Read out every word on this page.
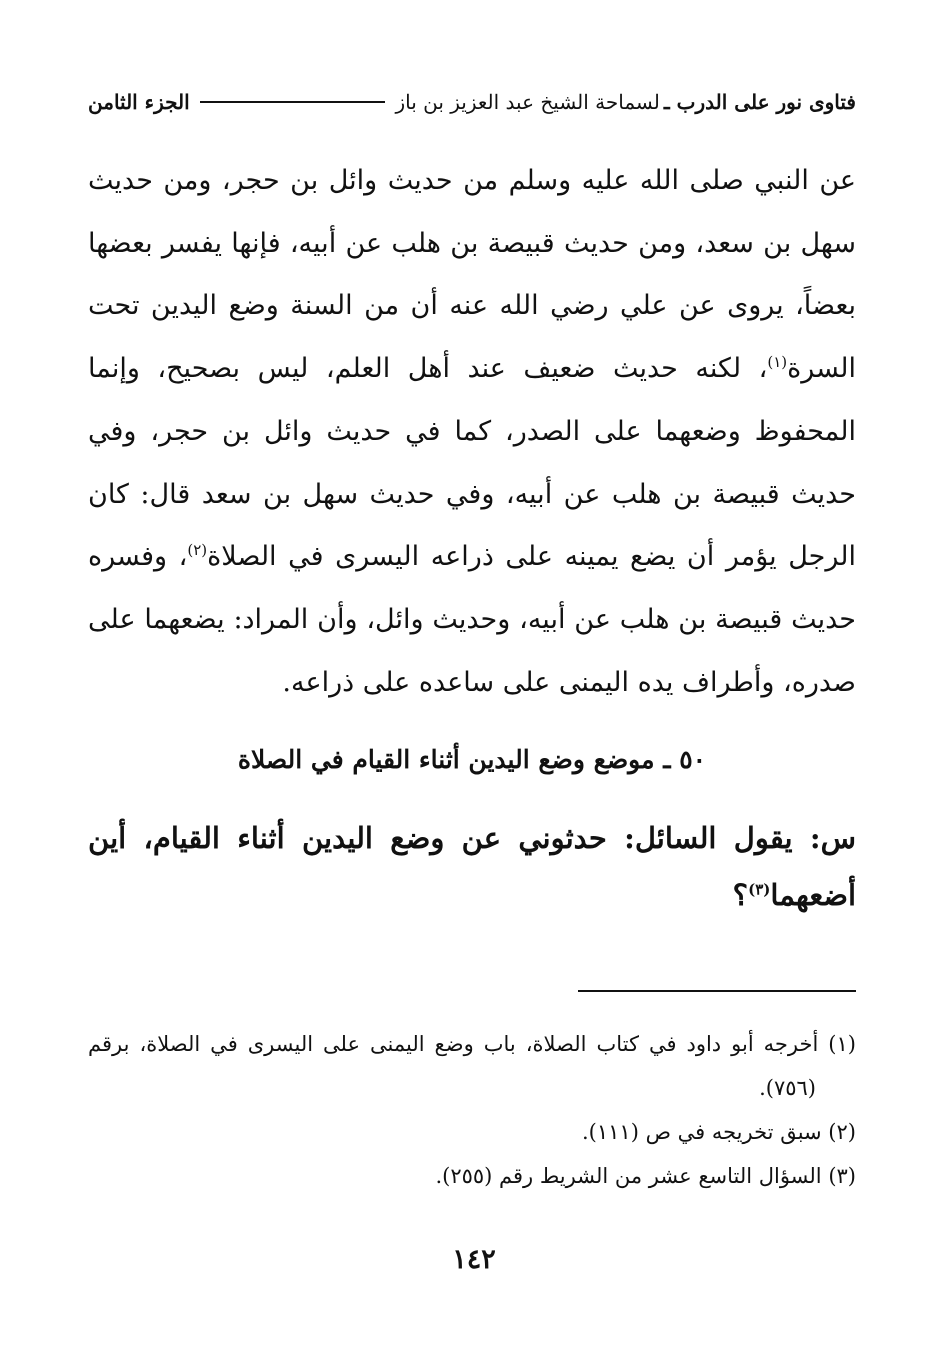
فتاوى نور على الدرب ـ
لسماحة الشيخ عبد العزيز بن باز
الجزء الثامن

عن النبي صلى الله عليه وسلم من حديث وائل بن حجر، ومن حديث سهل بن سعد، ومن حديث قبيصة بن هلب عن أبيه، فإنها يفسر بعضها بعضاً، يروى عن علي رضي الله عنه أن من السنة وضع اليدين تحت السرة$^{(١)}$، لكنه حديث ضعيف عند أهل العلم، ليس بصحيح، وإنما المحفوظ وضعهما على الصدر، كما في حديث وائل بن حجر، وفي حديث قبيصة بن هلب عن أبيه، وفي حديث سهل بن سعد قال: كان الرجل يؤمر أن يضع يمينه على ذراعه اليسرى في الصلاة$^{(٢)}$، وفسره حديث قبيصة بن هلب عن أبيه، وحديث وائل، وأن المراد: يضعهما على صدره، وأطراف يده اليمنى على ساعده على ذراعه.

٥٠ ـ موضع وضع اليدين أثناء القيام في الصلاة

س: يقول السائل: حدثوني عن وضع اليدين أثناء القيام، أين أضعهما$^{(٣)}$؟

(١) أخرجه أبو داود في كتاب الصلاة، باب وضع اليمنى على اليسرى في الصلاة، برقم (٧٥٦).
(٢) سبق تخريجه في ص (١١١).
(٣) السؤال التاسع عشر من الشريط رقم (٢٥٥).
١٤٢
